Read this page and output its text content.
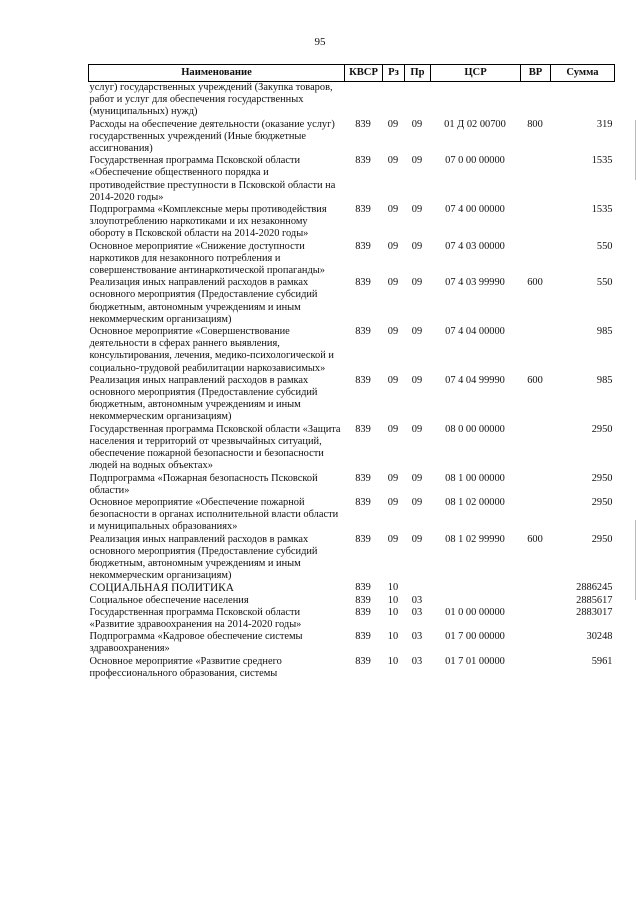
95
Наименование	КВСР	Рз	Пр	ЦСР	ВР	Сумма
услуг) государственных учреждений (Закупка товаров, работ и услуг для обеспечения государственных (муниципальных) нужд)						
Расходы на обеспечение деятельности (оказание услуг) государственных учреждений (Иные бюджетные ассигнования)	839	09	09	01 Д 02 00700	800	319
Государственная программа Псковской области «Обеспечение общественного порядка и противодействие преступности в Псковской области на 2014-2020 годы»	839	09	09	07 0 00 00000		1535
Подпрограмма «Комплексные меры противодействия злоупотреблению наркотиками и их незаконному обороту в Псковской области на 2014-2020 годы»	839	09	09	07 4 00 00000		1535
Основное мероприятие «Снижение доступности наркотиков для незаконного потребления и совершенствование антинаркотической пропаганды»	839	09	09	07 4 03 00000		550
Реализация иных направлений расходов в рамках основного мероприятия (Предоставление субсидий бюджетным, автономным учреждениям и иным некоммерческим организациям)	839	09	09	07 4 03 99990	600	550
Основное мероприятие «Совершенствование деятельности в сферах раннего выявления, консультирования, лечения, медико-психологической и социально-трудовой реабилитации наркозависимых»	839	09	09	07 4 04 00000		985
Реализация иных направлений расходов в рамках основного мероприятия (Предоставление субсидий бюджетным, автономным учреждениям и иным некоммерческим организациям)	839	09	09	07 4 04 99990	600	985
Государственная программа Псковской области «Защита населения и территорий от чрезвычайных ситуаций, обеспечение пожарной безопасности и безопасности людей на водных объектах»	839	09	09	08 0 00 00000		2950
Подпрограмма «Пожарная безопасность Псковской области»	839	09	09	08 1 00 00000		2950
Основное мероприятие «Обеспечение пожарной безопасности в органах исполнительной власти области и муниципальных образованиях»	839	09	09	08 1 02 00000		2950
Реализация иных направлений расходов в рамках основного мероприятия (Предоставление субсидий бюджетным, автономным учреждениям и иным некоммерческим организациям)	839	09	09	08 1 02 99990	600	2950
СОЦИАЛЬНАЯ ПОЛИТИКА	839	10				2886245
Социальное обеспечение населения	839	10	03			2885617
Государственная программа Псковской области «Развитие здравоохранения на 2014-2020 годы»	839	10	03	01 0 00 00000		2883017
Подпрограмма «Кадровое обеспечение системы здравоохранения»	839	10	03	01 7 00 00000		30248
Основное мероприятие «Развитие среднего профессионального образования, системы	839	10	03	01 7 01 00000		5961
